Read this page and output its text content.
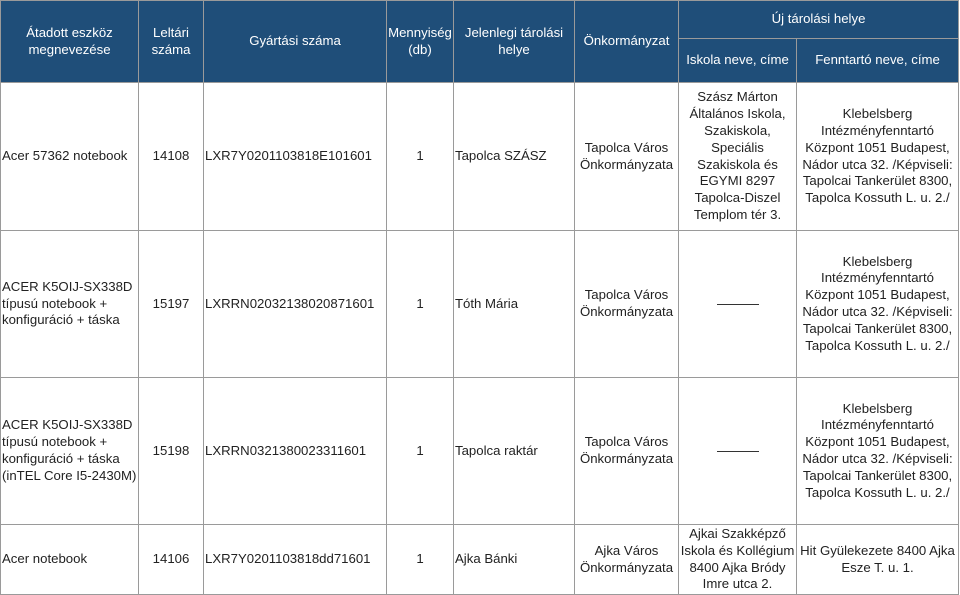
Átadott eszköz megnevezése	Leltári száma	Gyártási száma	Mennyiség (db)	Jelenlegi tárolási helye	Önkormányzat	Új tárolási helye	
						Iskola neve, címe	Fenntartó neve, címe
Acer 57362 notebook	14108	LXR7Y0201103818E101601	1	Tapolca SZÁSZ	Tapolca Város Önkormányzata	Szász Márton Általános Iskola, Szakiskola, Speciális Szakiskola és EGYMI 8297 Tapolca-Diszel Templom tér 3.	Klebelsberg Intézményfenntartó Központ 1051 Budapest, Nádor utca 32. /Képviseli: Tapolcai Tankerület 8300, Tapolca Kossuth L. u. 2./
ACER K5OIJ-SX338D típusú notebook + konfiguráció + táska	15197	LXRRN02032138020871601	1	Tóth Mária	Tapolca Város Önkormányzata		Klebelsberg Intézményfenntartó Központ 1051 Budapest, Nádor utca 32. /Képviseli: Tapolcai Tankerület 8300, Tapolca Kossuth L. u. 2./
ACER K5OIJ-SX338D típusú notebook + konfiguráció + táska (inTEL Core I5-2430M)	15198	LXRRN0321380023311601	1	Tapolca raktár	Tapolca Város Önkormányzata		Klebelsberg Intézményfenntartó Központ 1051 Budapest, Nádor utca 32. /Képviseli: Tapolcai Tankerület 8300, Tapolca Kossuth L. u. 2./
Acer notebook	14106	LXR7Y0201103818dd71601	1	Ajka Bánki	Ajka Város Önkormányzata	Ajkai Szakképző Iskola és Kollégium 8400 Ajka Bródy Imre utca 2.	Hit Gyülekezete 8400 Ajka Esze T. u. 1.
